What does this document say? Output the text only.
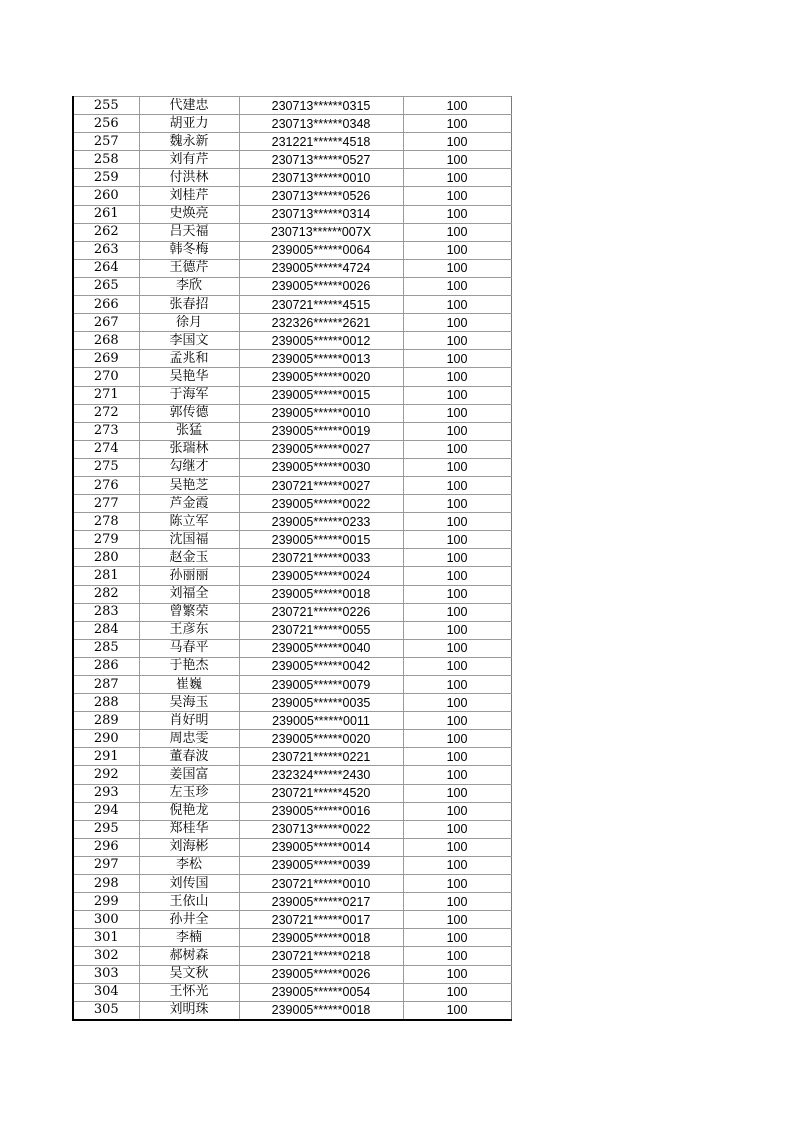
255	代建忠	230713******0315	100
256	胡亚力	230713******0348	100
257	魏永新	231221******4518	100
258	刘有芹	230713******0527	100
259	付洪林	230713******0010	100
260	刘桂芹	230713******0526	100
261	史焕亮	230713******0314	100
262	吕天福	230713******007X	100
263	韩冬梅	239005******0064	100
264	王德芹	239005******4724	100
265	李欣	239005******0026	100
266	张春招	230721******4515	100
267	徐月	232326******2621	100
268	李国文	239005******0012	100
269	孟兆和	239005******0013	100
270	吴艳华	239005******0020	100
271	于海军	239005******0015	100
272	郭传德	239005******0010	100
273	张猛	239005******0019	100
274	张瑞林	239005******0027	100
275	勾继才	239005******0030	100
276	吴艳芝	230721******0027	100
277	芦金霞	239005******0022	100
278	陈立军	239005******0233	100
279	沈国福	239005******0015	100
280	赵金玉	230721******0033	100
281	孙丽丽	239005******0024	100
282	刘福全	239005******0018	100
283	曾繁荣	230721******0226	100
284	王彦东	230721******0055	100
285	马春平	239005******0040	100
286	于艳杰	239005******0042	100
287	崔巍	239005******0079	100
288	吴海玉	239005******0035	100
289	肖好明	239005******0011	100
290	周忠雯	239005******0020	100
291	董春波	230721******0221	100
292	姜国富	232324******2430	100
293	左玉珍	230721******4520	100
294	倪艳龙	239005******0016	100
295	郑桂华	230713******0022	100
296	刘海彬	239005******0014	100
297	李松	239005******0039	100
298	刘传国	230721******0010	100
299	王依山	239005******0217	100
300	孙井全	230721******0017	100
301	李楠	239005******0018	100
302	郝树森	230721******0218	100
303	吴文秋	239005******0026	100
304	王怀光	239005******0054	100
305	刘明珠	239005******0018	100
